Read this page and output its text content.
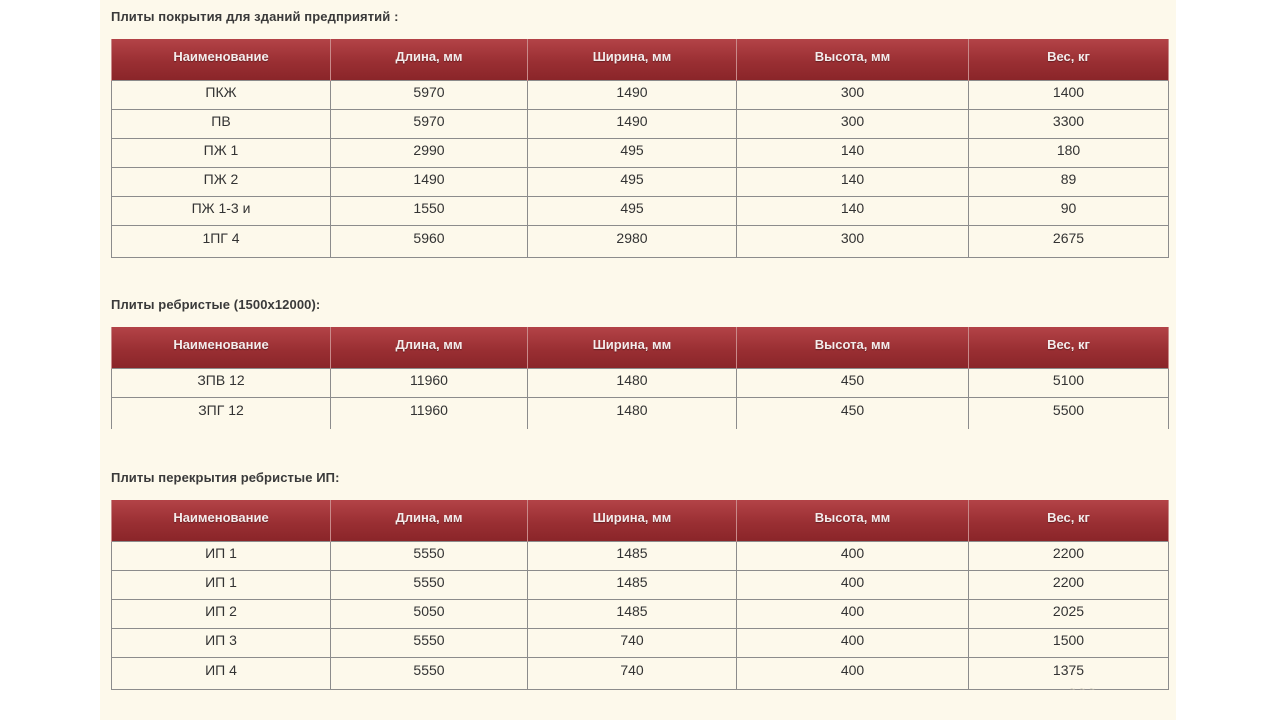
Плиты покрытия для зданий предприятий :
Наименование	Длина, мм	Ширина, мм	Высота, мм	Вес, кг
ПКЖ	5970	1490	300	1400
ПВ	5970	1490	300	3300
ПЖ 1	2990	495	140	180
ПЖ 2	1490	495	140	89
ПЖ 1-3 и	1550	495	140	90
1ПГ 4	5960	2980	300	2675
Плиты ребристые (1500х12000):
Наименование	Длина, мм	Ширина, мм	Высота, мм	Вес, кг
ЗПВ 12	11960	1480	450	5100
ЗПГ 12	11960	1480	450	5500
Плиты перекрытия ребристые ИП:
Наименование	Длина, мм	Ширина, мм	Высота, мм	Вес, кг
ИП 1	5550	1485	400	2200
ИП 1	5550	1485	400	2200
ИП 2	5050	1485	400	2025
ИП 3	5550	740	400	1500
ИП 4	5550	740	400	1375
~ ~ ~
